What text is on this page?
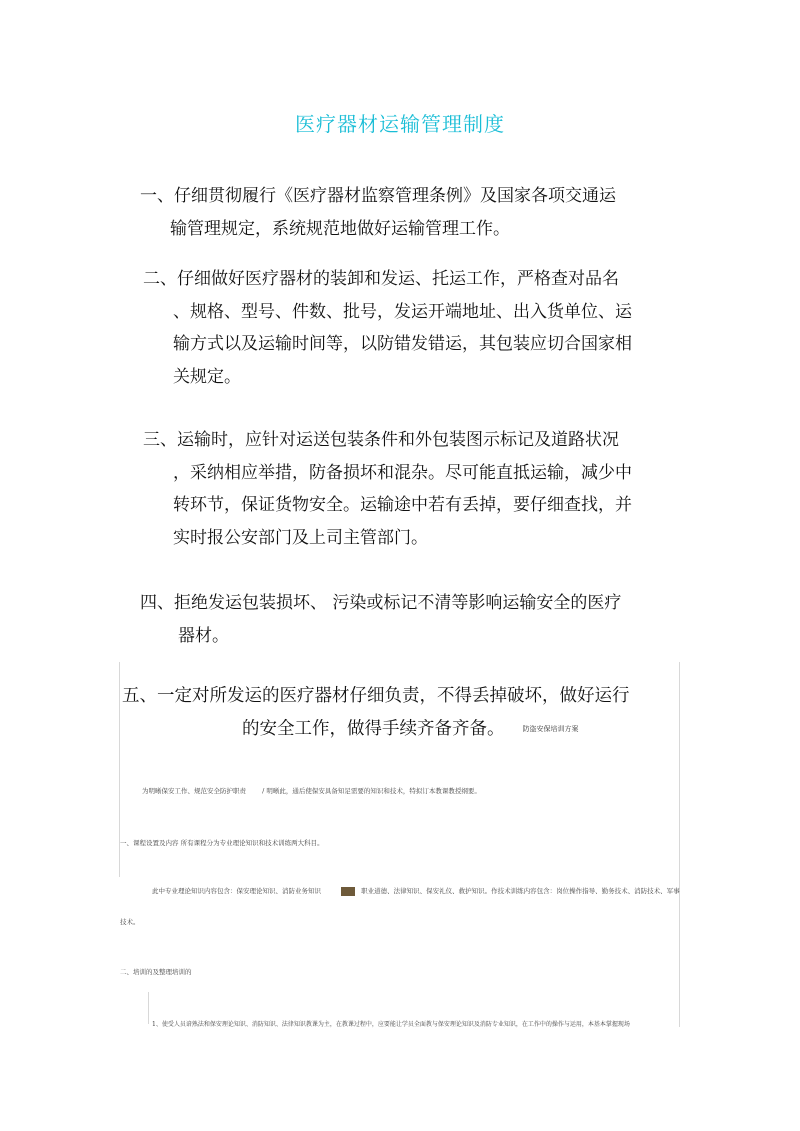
医疗器材运输管理制度
一、仔细贯彻履行《医疗器材监察管理条例》及国家各项交通运
输管理规定，系统规范地做好运输管理工作。
二、仔细做好医疗器材的装卸和发运、托运工作，严格查对品名
、规格、型号、件数、批号，发运开端地址、出入货单位、运
输方式以及运输时间等，以防错发错运，其包装应切合国家相
关规定。
三、运输时，应针对运送包装条件和外包装图示标记及道路状况
，采纳相应举措，防备损坏和混杂。尽可能直抵运输，减少中
转环节，保证货物安全。运输途中若有丢掉，要仔细查找，并
实时报公安部门及上司主管部门。
四、拒绝发运包装损坏、 污染或标记不清等影响运输安全的医疗
器材。
五、一定对所发运的医疗器材仔细负责，不得丢掉破坏，做好运行
的安全工作，做得手续齐备齐备。	防盗安保培训方案
为明晰保安工作、规范安全防护职责 / 明晰此，通后使保安具备知足需要的知识和技术，特拟订本教课教授纲要。
一、课程设置及内容 所有课程分为专业理论知识和技术训练两大科目。
此中专业理论知识内容包含：保安理论知识、消防业务知识	职业道德、法律知识、保安礼仪、救护知识。作技术训练内容包含：岗位操作指导、勤务技术、消防技术、军事
技术。
二、培训的及整理培训的
1、使受人员谙熟法和保安理论知识、消防知识、法律知识教课为主，在教课过程中，应要能让学员全面教与保安理论知识及消防专业知识，在工作中的操作与运用，本基本掌握现场
